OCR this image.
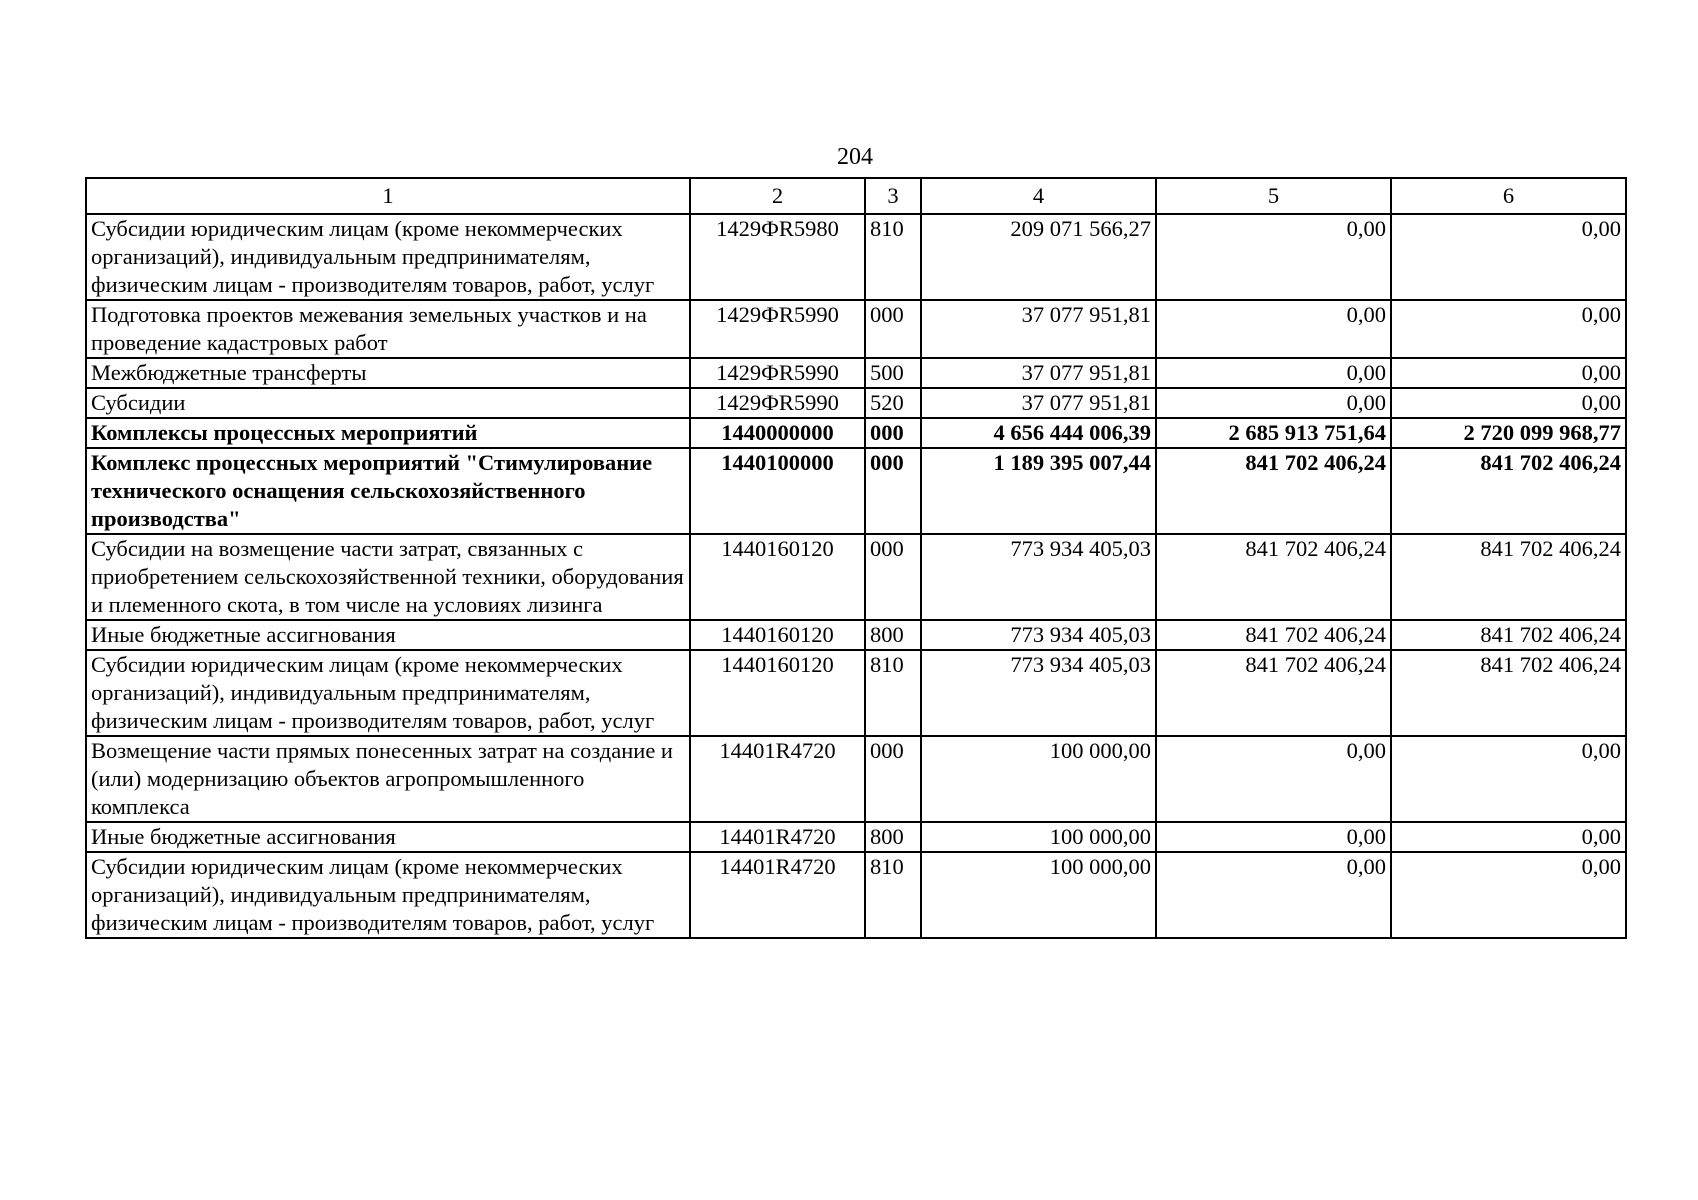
204
1	2	3	4	5	6
Субсидии юридическим лицам (кроме некоммерческих организаций), индивидуальным предпринимателям, физическим лицам - производителям товаров, работ, услуг	1429ФR5980	810	209 071 566,27	0,00	0,00
Подготовка проектов межевания земельных участков и на проведение кадастровых работ	1429ФR5990	000	37 077 951,81	0,00	0,00
Межбюджетные трансферты	1429ФR5990	500	37 077 951,81	0,00	0,00
Субсидии	1429ФR5990	520	37 077 951,81	0,00	0,00
Комплексы процессных мероприятий	1440000000	000	4 656 444 006,39	2 685 913 751,64	2 720 099 968,77
Комплекс процессных мероприятий "Стимулирование технического оснащения сельскохозяйственного производства"	1440100000	000	1 189 395 007,44	841 702 406,24	841 702 406,24
Субсидии на возмещение части затрат, связанных с приобретением сельскохозяйственной техники, оборудования и племенного скота, в том числе на условиях лизинга	1440160120	000	773 934 405,03	841 702 406,24	841 702 406,24
Иные бюджетные ассигнования	1440160120	800	773 934 405,03	841 702 406,24	841 702 406,24
Субсидии юридическим лицам (кроме некоммерческих организаций), индивидуальным предпринимателям, физическим лицам - производителям товаров, работ, услуг	1440160120	810	773 934 405,03	841 702 406,24	841 702 406,24
Возмещение части прямых понесенных затрат на создание и (или) модернизацию объектов агропромышленного комплекса	14401R4720	000	100 000,00	0,00	0,00
Иные бюджетные ассигнования	14401R4720	800	100 000,00	0,00	0,00
Субсидии юридическим лицам (кроме некоммерческих организаций), индивидуальным предпринимателям, физическим лицам - производителям товаров, работ, услуг	14401R4720	810	100 000,00	0,00	0,00
